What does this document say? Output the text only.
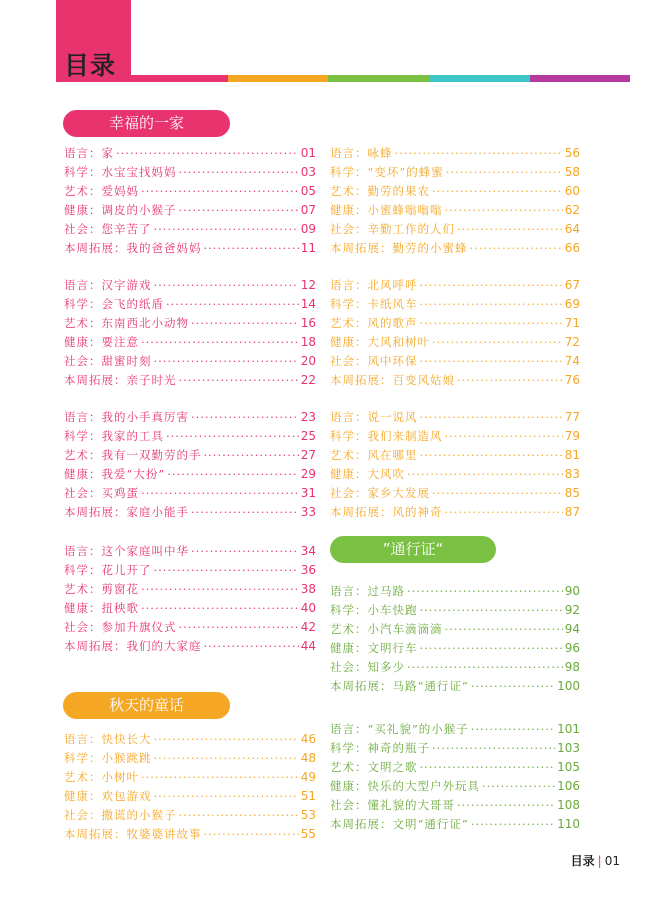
目录
幸福的一家
秋天的童话
”通行证“
语言：家 ·····	01
科学：水宝宝找妈妈 ·····	03
艺术：爱妈妈 ·····	05
健康：调皮的小猴子 ·····	07
社会：您辛苦了 ·····	09
本周拓展：我的爸爸妈妈 ·····	11
语言：汉字游戏 ·····	12
科学：会飞的纸盾 ·····	14
艺术：东南西北小动物 ·····	16
健康：要注意 ·····	18
社会：甜蜜时刻 ·····	20
本周拓展：亲子时光 ·····	22
语言：我的小手真厉害 ·····	23
科学：我家的工具 ·····	25
艺术：我有一双勤劳的手 ·····	27
健康：我爱“大扮” ·····	29
社会：买鸡蛋 ·····	31
本周拓展：家庭小能手 ·····	33
语言：这个家庭叫中华 ·····	34
科学：花儿开了 ·····	36
艺术：剪窗花 ·····	38
健康：扭秧歌 ·····	40
社会：参加升旗仪式 ·····	42
本周拓展：我们的大家庭 ·····	44
语言：快快长大 ·····	46
科学：小猴跳跳 ·····	48
艺术：小树叶 ·····	49
健康：欢包游戏 ·····	51
社会：撒谎的小猴子 ·····	53
本周拓展：牧婆婆讲故事 ·····	55
语言：咏蜂 ·····	56
科学：“变坏”的蜂蜜 ·····	58
艺术：勤劳的果农 ·····	60
健康：小蜜蜂嗡嗡嗡 ·····	62
社会：辛勤工作的人们 ·····	64
本周拓展：勤劳的小蜜蜂 ·····	66
语言：北风呼呼 ·····	67
科学：卡纸风车 ·····	69
艺术：风的歌声 ·····	71
健康：大风和树叶 ·····	72
社会：风中环保 ·····	74
本周拓展：百变风姑娘 ·····	76
语言：说一说风 ·····	77
科学：我们来制造风 ·····	79
艺术：风在哪里 ·····	81
健康：大风吹 ·····	83
社会：家乡大发展 ·····	85
本周拓展：风的神奇 ·····	87
语言：过马路 ·····	90
科学：小车快跑 ·····	92
艺术：小汽车滴滴滴 ·····	94
健康：文明行车 ·····	96
社会：知多少 ·····	98
本周拓展：马路“通行证” ·····	100
语言：“买礼貌”的小猴子 ·····	101
科学：神奇的瓶子 ·····	103
艺术：文明之歌 ·····	105
健康：快乐的大型户外玩具 ·····	106
社会：懂礼貌的大哥哥 ·····	108
本周拓展：文明“通行证” ·····	110
目录 | 01
